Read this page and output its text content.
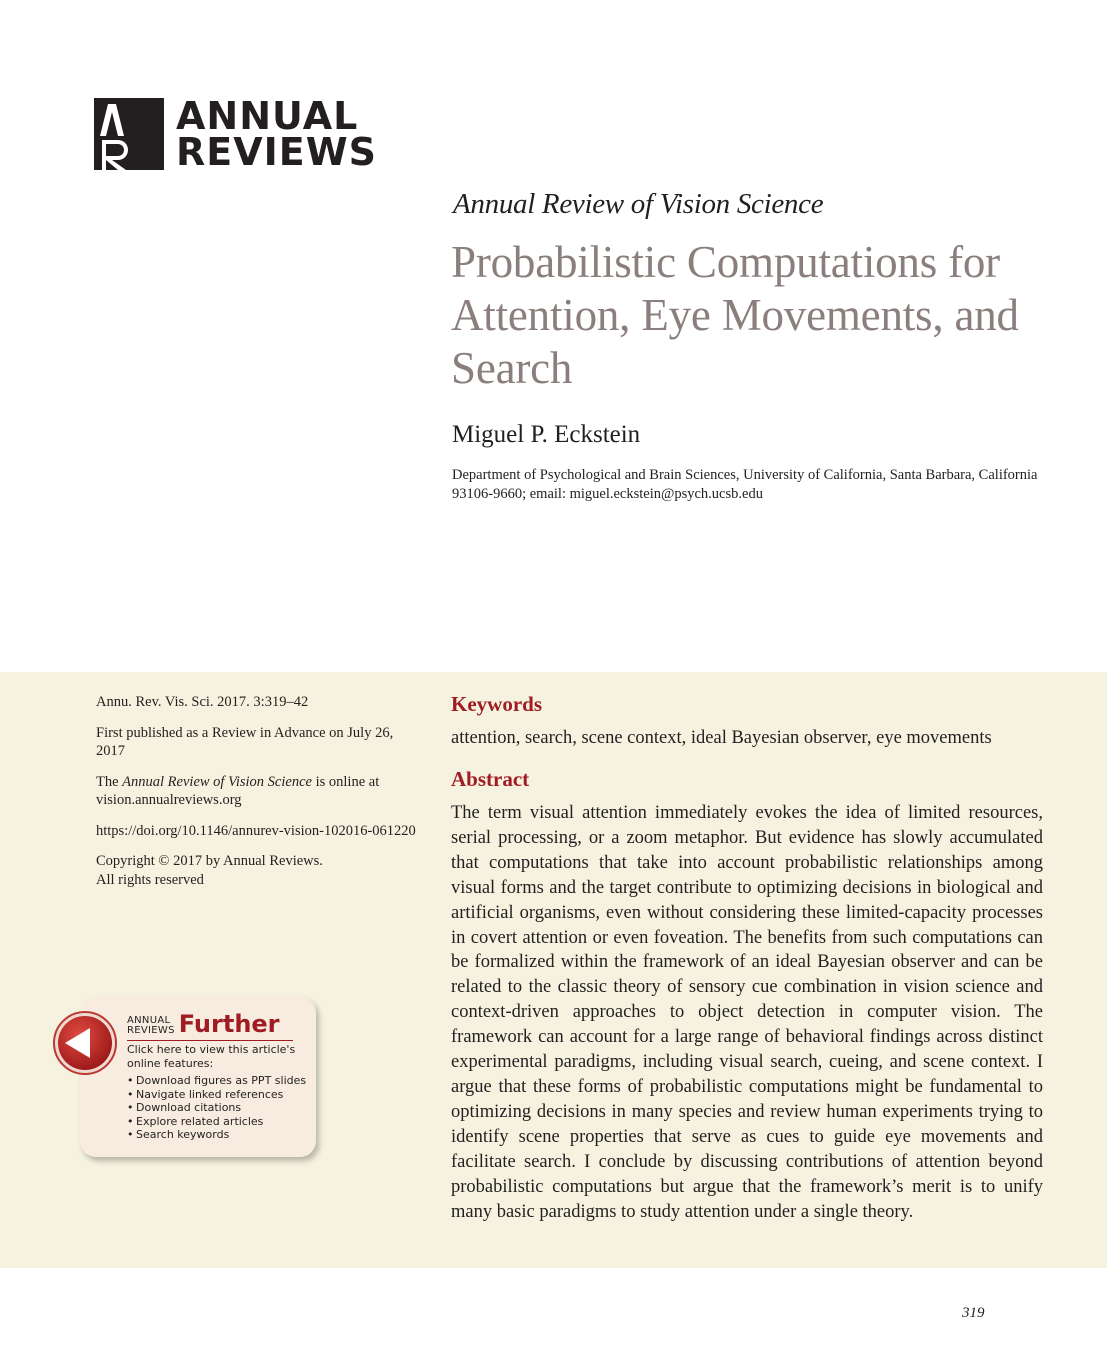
ANNUAL
REVIEWS
Annual Review of Vision Science
Probabilistic Computations for Attention, Eye Movements, and Search
Miguel P. Eckstein
Department of Psychological and Brain Sciences, University of California, Santa Barbara, California 93106-9660; email: miguel.eckstein@psych.ucsb.edu

Annu. Rev. Vis. Sci. 2017. 3:319–42

First published as a Review in Advance on July 26, 2017

The Annual Review of Vision Science is online at vision.annualreviews.org

https://doi.org/10.1146/annurev-vision-102016-061220

Copyright © 2017 by Annual Reviews.
All rights reserved

ANNUAL
REVIEWS Further
Click here to view this article's online features:
• Download figures as PPT slides
• Navigate linked references
• Download citations
• Explore related articles
• Search keywords
Keywords
attention, search, scene context, ideal Bayesian observer, eye movements
Abstract
The term visual attention immediately evokes the idea of limited resources, serial processing, or a zoom metaphor. But evidence has slowly accumulated that computations that take into account probabilistic relationships among visual forms and the target contribute to optimizing decisions in biological and artificial organisms, even without considering these limited-capacity processes in covert attention or even foveation. The benefits from such computations can be formalized within the framework of an ideal Bayesian observer and can be related to the classic theory of sensory cue combination in vision science and context-driven approaches to object detection in computer vision. The framework can account for a large range of behavioral findings across distinct experimental paradigms, including visual search, cueing, and scene context. I argue that these forms of probabilistic computations might be fundamental to optimizing decisions in many species and review human experiments trying to identify scene properties that serve as cues to guide eye movements and facilitate search. I conclude by discussing contributions of attention beyond probabilistic computations but argue that the framework’s merit is to unify many basic paradigms to study attention under a single theory.
319
